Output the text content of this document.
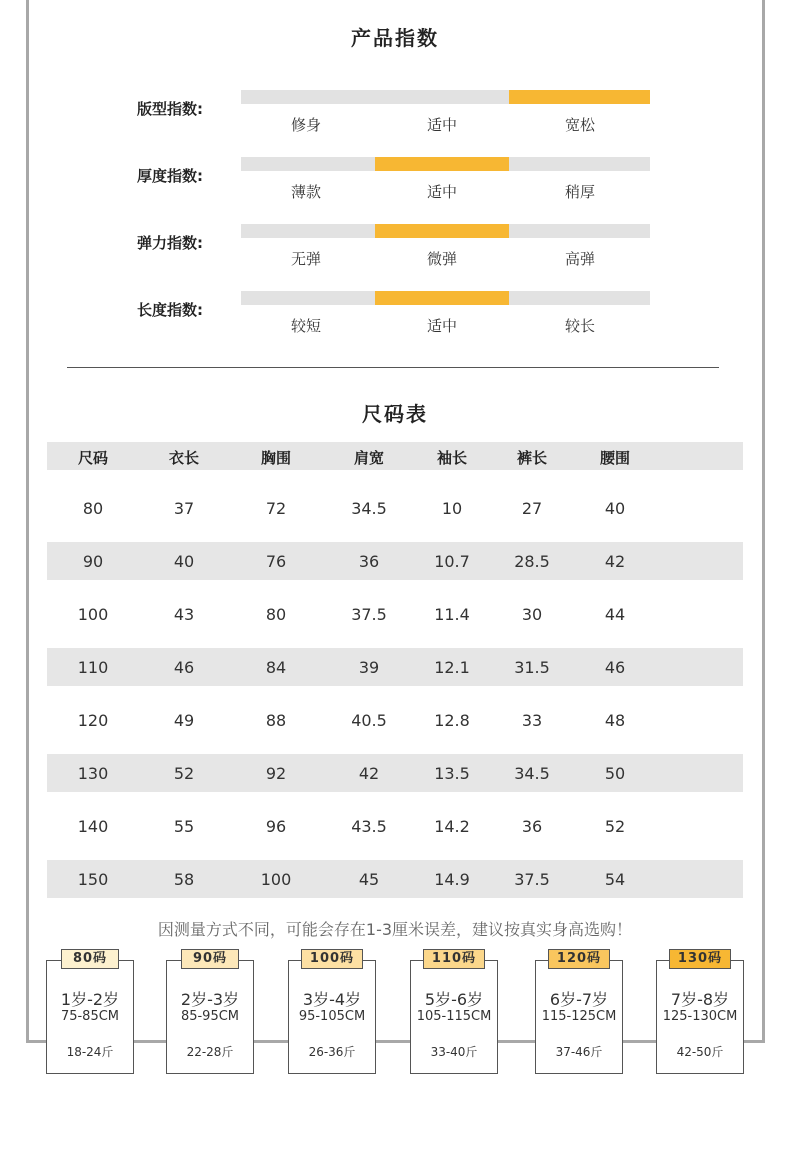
产品指数
版型指数:
修身	适中	宽松
厚度指数:
薄款	适中	稍厚
弹力指数:
无弹	微弹	高弹
长度指数:
较短	适中	较长
尺码表
尺码	衣长	胸围	肩宽	袖长	裤长	腰围
80	37	72	34.5	10	27	40
90	40	76	36	10.7	28.5	42
100	43	80	37.5	11.4	30	44
110	46	84	39	12.1	31.5	46
120	49	88	40.5	12.8	33	48
130	52	92	42	13.5	34.5	50
140	55	96	43.5	14.2	36	52
150	58	100	45	14.9	37.5	54
因测量方式不同，可能会存在1-3厘米误差，建议按真实身高选购！
1岁-2岁
75-85CM
18-24斤
80码
2岁-3岁
85-95CM
22-28斤
90码
3岁-4岁
95-105CM
26-36斤
100码
5岁-6岁
105-115CM
33-40斤
110码
6岁-7岁
115-125CM
37-46斤
120码
7岁-8岁
125-130CM
42-50斤
130码
